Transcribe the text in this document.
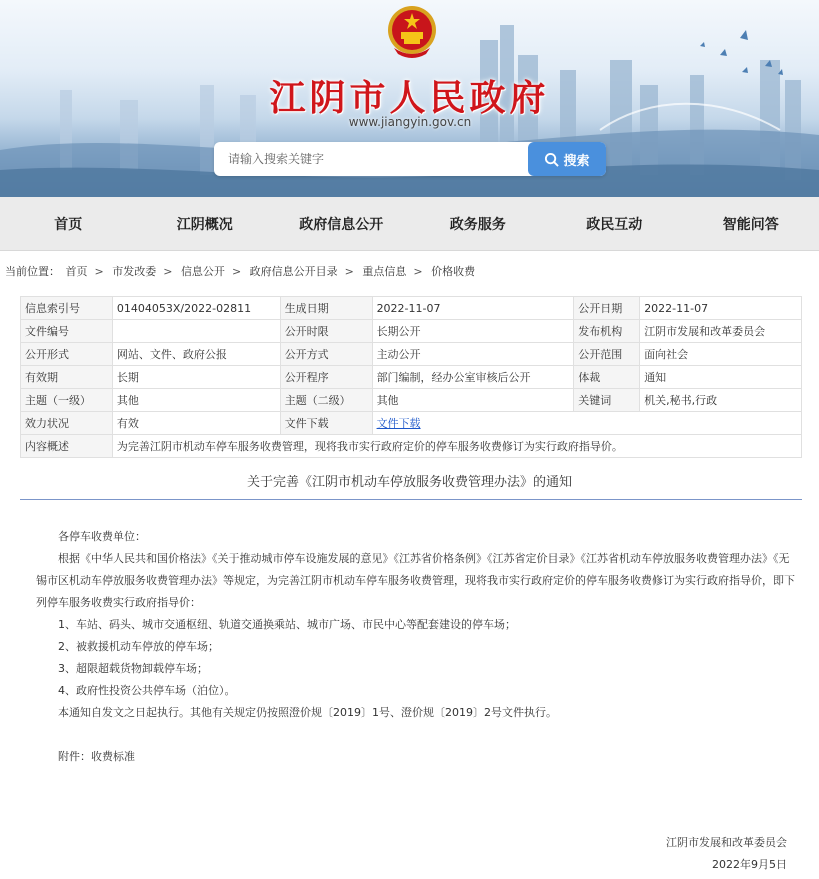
江阴市人民政府
www.jiangyin.gov.cn
请输入搜索关键字
搜索
首页	江阴概况	政府信息公开	政务服务	政民互动	智能问答
当前位置： 首页 > 市发改委 > 信息公开 > 政府信息公开目录 > 重点信息 > 价格收费
信息索引号	01404053X/2022-02811	生成日期	2022-11-07	公开日期	2022-11-07
文件编号		公开时限	长期公开	发布机构	江阴市发展和改革委员会
公开形式	网站、文件、政府公报	公开方式	主动公开	公开范围	面向社会
有效期	长期	公开程序	部门编制，经办公室审核后公开	体裁	通知
主题（一级）	其他	主题（二级）	其他	关键词	机关,秘书,行政
效力状况	有效	文件下载	文件下载		
内容概述	为完善江阴市机动车停车服务收费管理，现将我市实行政府定价的停车服务收费修订为实行政府指导价。				
关于完善《江阴市机动车停放服务收费管理办法》的通知

各停车收费单位：

根据《中华人民共和国价格法》《关于推动城市停车设施发展的意见》《江苏省价格条例》《江苏省定价目录》《江苏省机动车停放服务收费管理办法》《无锡市区机动车停放服务收费管理办法》等规定，为完善江阴市机动车停车服务收费管理，现将我市实行政府定价的停车服务收费修订为实行政府指导价，即下列停车服务收费实行政府指导价：

1、车站、码头、城市交通枢纽、轨道交通换乘站、城市广场、市民中心等配套建设的停车场；

2、被救援机动车停放的停车场；

3、超限超载货物卸载停车场；

4、政府性投资公共停车场（泊位）。

本通知自发文之日起执行。其他有关规定仍按照澄价规〔2019〕1号、澄价规〔2019〕2号文件执行。

附件：收费标准

江阴市发展和改革委员会
2022年9月5日
